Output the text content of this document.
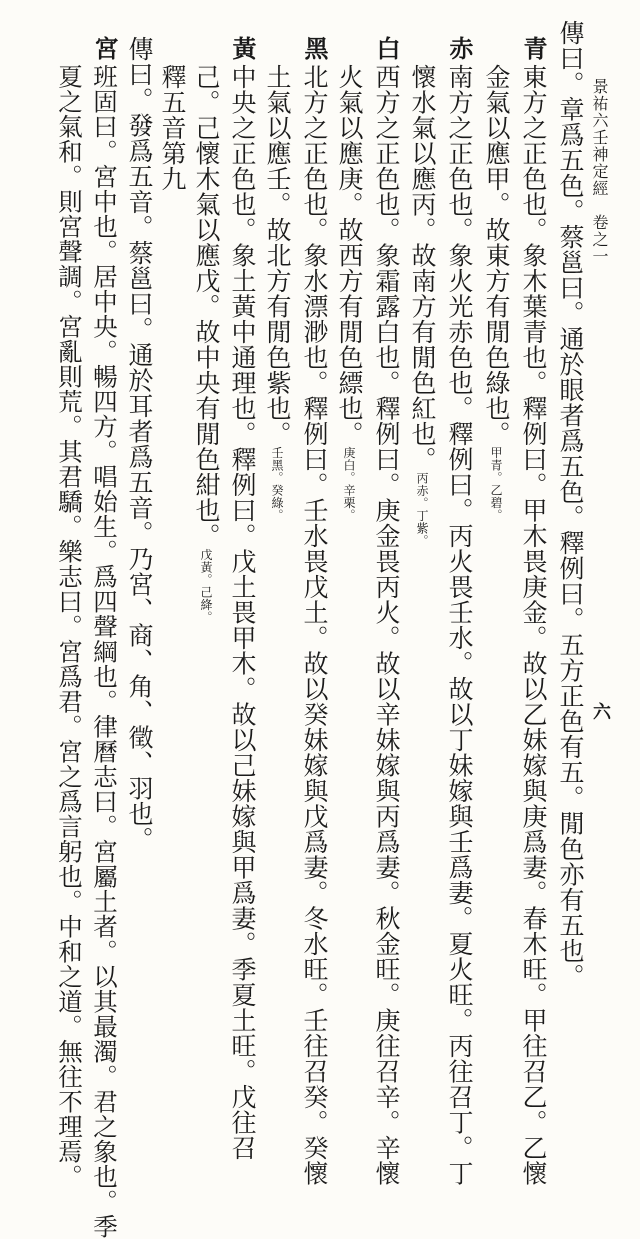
景祐六壬神定經　卷之一
六
傳曰。章爲五色。蔡邕曰。通於眼者爲五色。釋例曰。五方正色有五。閒色亦有五也。
青
東方之正色也。象木葉青也。釋例曰。甲木畏庚金。故以乙妹嫁與庚爲妻。春木旺。甲往召乙。乙懷
金氣以應甲。故東方有閒色綠也。甲青。乙碧。
赤
南方之正色也。象火光赤色也。釋例曰。丙火畏壬水。故以丁妹嫁與壬爲妻。夏火旺。丙往召丁。丁
懷水氣以應丙。故南方有閒色紅也。丙赤。丁紫。
白
西方之正色也。象霜露白也。釋例曰。庚金畏丙火。故以辛妹嫁與丙爲妻。秋金旺。庚往召辛。辛懷
火氣以應庚。故西方有閒色縹也。庚白。辛栗。
黑
北方之正色也。象水漂渺也。釋例曰。壬水畏戊土。故以癸妹嫁與戊爲妻。冬水旺。壬往召癸。癸懷
土氣以應壬。故北方有閒色紫也。壬黑。癸綠。
黃
中央之正色也。象土黃中通理也。釋例曰。戊土畏甲木。故以己妹嫁與甲爲妻。季夏土旺。戊往召
己。己懷木氣以應戊。故中央有閒色紺也。戊黃。己絳。
釋五音第九
傳曰。發爲五音。蔡邕曰。通於耳者爲五音。乃宮、商、角、徵、羽也。
宮
班固曰。宮中也。居中央。暢四方。唱始生。爲四聲綱也。律曆志曰。宮屬土者。以其最濁。君之象也。季
夏之氣和。則宮聲調。宮亂則荒。其君驕。樂志曰。宮爲君。宮之爲言躬也。中和之道。無往不理焉。
